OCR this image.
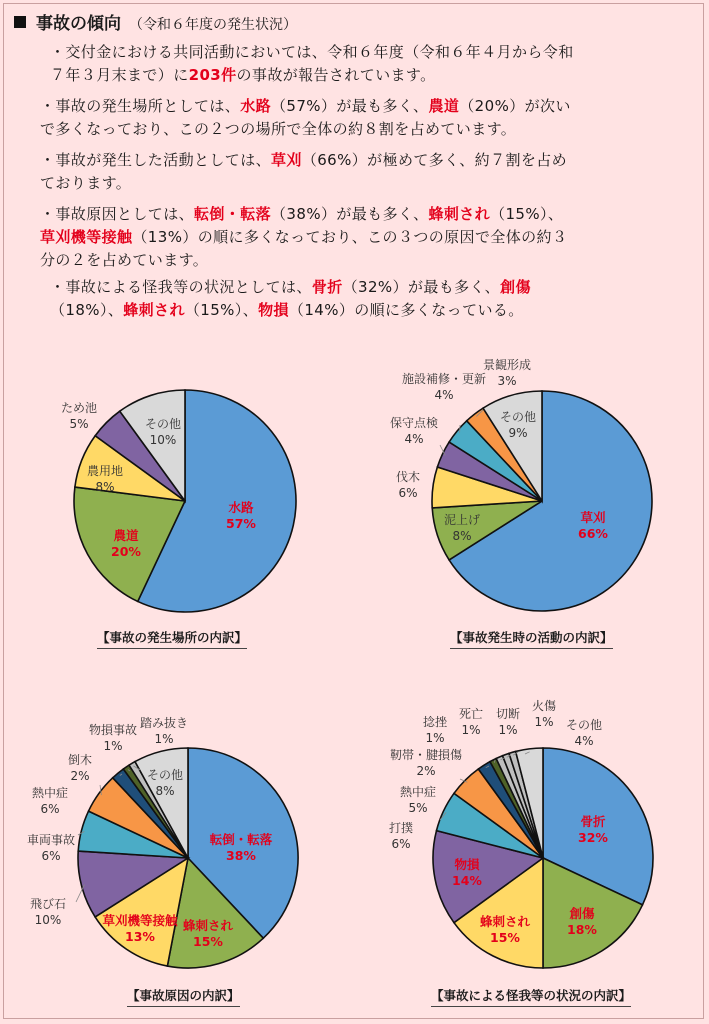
事故の傾向 （令和６年度の発生状況）
・交付金における共同活動においては、令和６年度（令和６年４月から令和
７年３月末まで）に203件の事故が報告されています。
・事故の発生場所としては、水路（57%）が最も多く、農道（20%）が次い
で多くなっており、この２つの場所で全体の約８割を占めています。
・事故が発生した活動としては、草刈（66%）が極めて多く、約７割を占め
ております。
・事故原因としては、転倒・転落（38%）が最も多く、蜂刺され（15%）、
草刈機等接触（13%）の順に多くなっており、この３つの原因で全体の約３
分の２を占めています。
・事故による怪我等の状況としては、骨折（32%）が最も多く、創傷
（18%）、蜂刺され（15%）、物損（14%）の順に多くなっている。
水路 57%
農道 20%
農用地 8%
ため池 5%	その他 10%
草刈 66%
泥上げ 8%
伐木 6%
保守点検 4%
施設補修・更新 4%
景観形成 3%
その他 9%
転倒・転落 38%
蜂刺され 15%
草刈機等接触 13%
飛び石 10%
車両事故 6%
熱中症 6%
倒木 2%
物損事故 1%
踏み抜き 1%
その他 8%
骨折 32%
創傷 18%
蜂刺され 15%
物損 14%
打撲 6%
熱中症 5%
靭帯・腱損傷 2%
捻挫 1%
死亡 1%
切断 1%
火傷 1% その他 4%
【事故の発生場所の内訳】	【事故発生時の活動の内訳】
【事故原因の内訳】	【事故による怪我等の状況の内訳】
